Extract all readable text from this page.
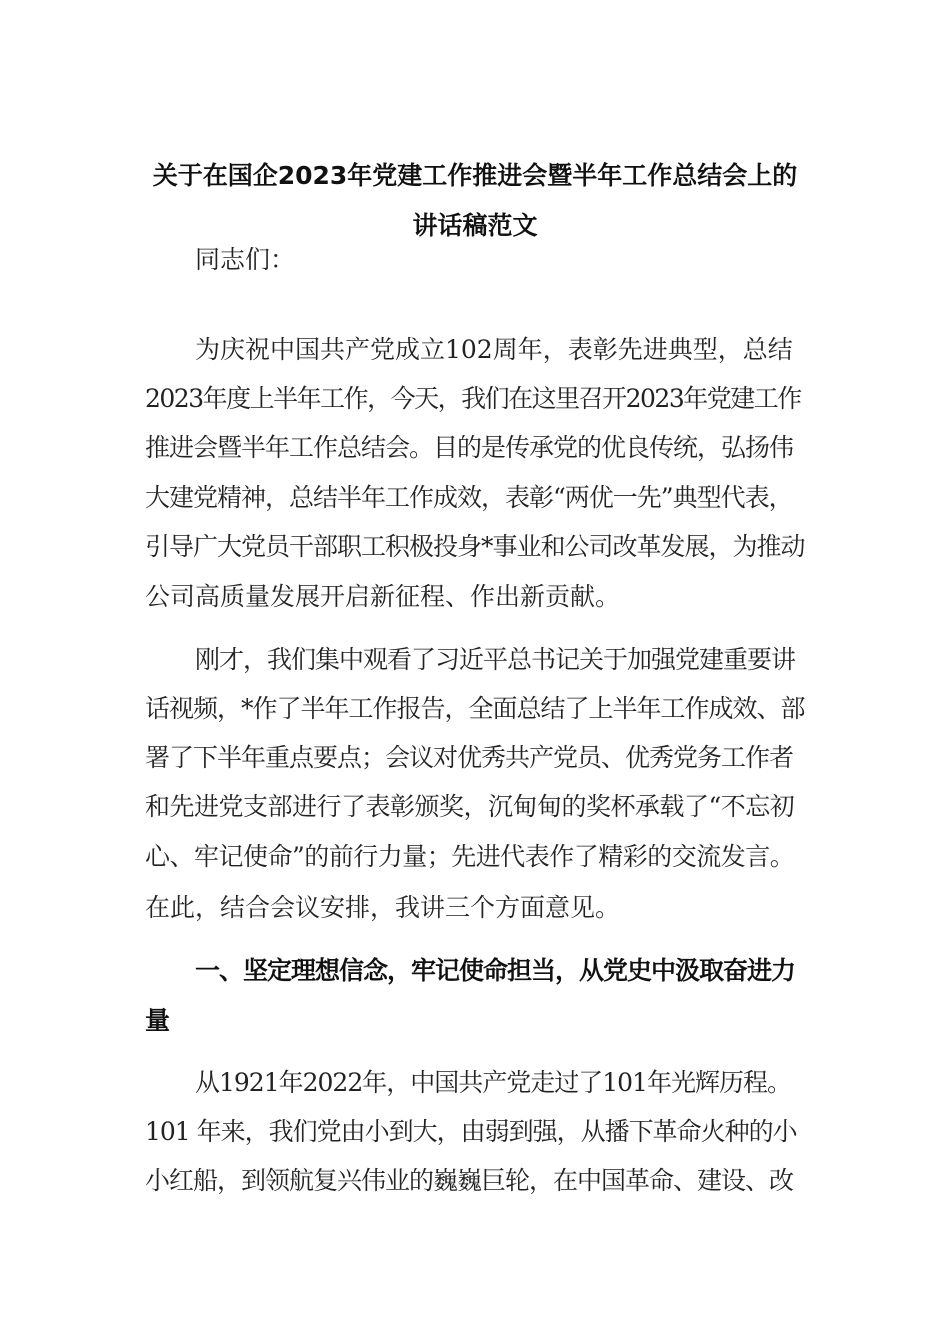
关于在国企2023年党建工作推进会暨半年工作总结会上的
讲话稿范文
同志们：
为庆祝中国共产党成立102周年，表彰先进典型，总结
2023年度上半年工作，今天，我们在这里召开2023年党建工作
推进会暨半年工作总结会。目的是传承党的优良传统，弘扬伟
大建党精神，总结半年工作成效，表彰“两优一先”典型代表，
引导广大党员干部职工积极投身*事业和公司改革发展，为推动
公司高质量发展开启新征程、作出新贡献。
刚才，我们集中观看了习近平总书记关于加强党建重要讲
话视频，*作了半年工作报告，全面总结了上半年工作成效、部
署了下半年重点要点；会议对优秀共产党员、优秀党务工作者
和先进党支部进行了表彰颁奖，沉甸甸的奖杯承载了“不忘初
心、牢记使命”的前行力量；先进代表作了精彩的交流发言。
在此，结合会议安排，我讲三个方面意见。
一、坚定理想信念，牢记使命担当，从党史中汲取奋进力
量
从1921年2022年，中国共产党走过了101年光辉历程。
101 年来，我们党由小到大，由弱到强，从播下革命火种的小
小红船，到领航复兴伟业的巍巍巨轮，在中国革命、建设、改
